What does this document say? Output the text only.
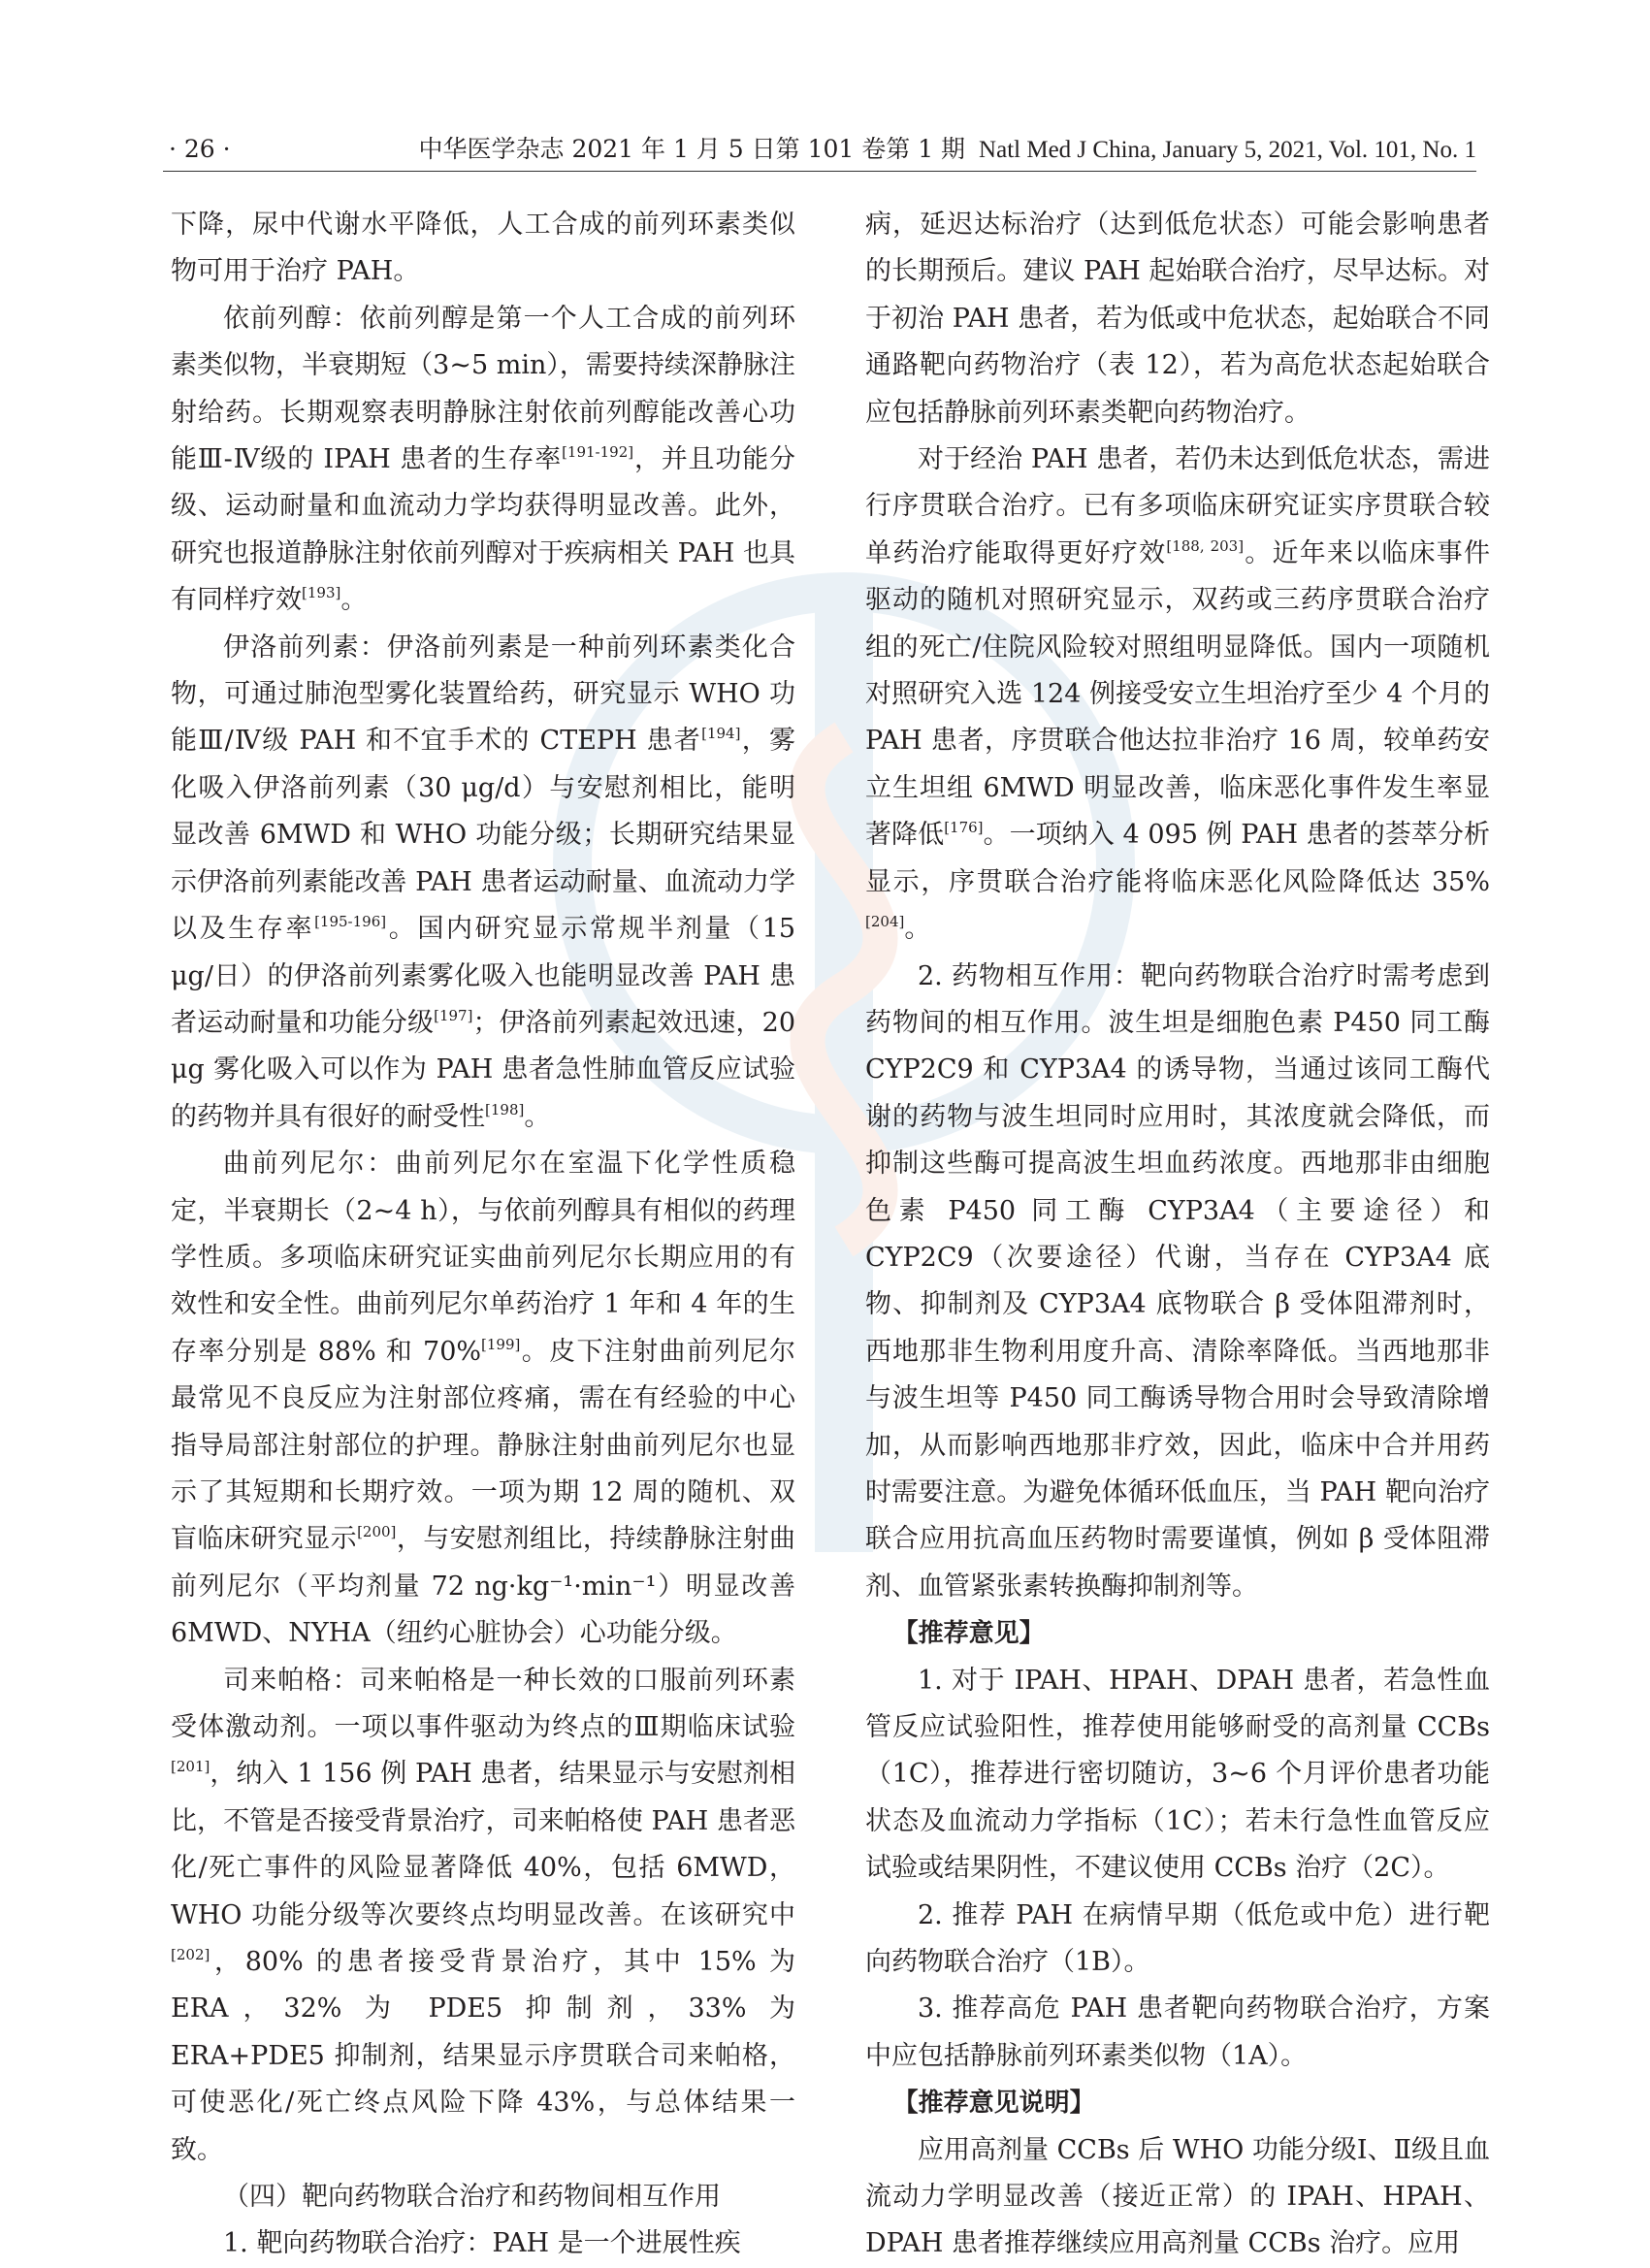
· 26 ·	中华医学杂志 2021 年 1 月 5 日第 101 卷第 1 期 Natl Med J China, January 5, 2021, Vol. 101, No. 1

下降，尿中代谢水平降低，人工合成的前列环素类似物可用于治疗 PAH。

依前列醇：依前列醇是第一个人工合成的前列环素类似物，半衰期短（3~5 min），需要持续深静脉注射给药。长期观察表明静脉注射依前列醇能改善心功能Ⅲ-Ⅳ级的 IPAH 患者的生存率[191-192]，并且功能分级、运动耐量和血流动力学均获得明显改善。此外，研究也报道静脉注射依前列醇对于疾病相关 PAH 也具有同样疗效[193]。

伊洛前列素：伊洛前列素是一种前列环素类化合物，可通过肺泡型雾化装置给药，研究显示 WHO 功能Ⅲ/Ⅳ级 PAH 和不宜手术的 CTEPH 患者[194]，雾化吸入伊洛前列素（30 μg/d）与安慰剂相比，能明显改善 6MWD 和 WHO 功能分级；长期研究结果显示伊洛前列素能改善 PAH 患者运动耐量、血流动力学以及生存率[195-196]。国内研究显示常规半剂量（15 μg/日）的伊洛前列素雾化吸入也能明显改善 PAH 患者运动耐量和功能分级[197]；伊洛前列素起效迅速，20 μg 雾化吸入可以作为 PAH 患者急性肺血管反应试验的药物并具有很好的耐受性[198]。

曲前列尼尔：曲前列尼尔在室温下化学性质稳定，半衰期长（2~4 h），与依前列醇具有相似的药理学性质。多项临床研究证实曲前列尼尔长期应用的有效性和安全性。曲前列尼尔单药治疗 1 年和 4 年的生存率分别是 88% 和 70%[199]。皮下注射曲前列尼尔最常见不良反应为注射部位疼痛，需在有经验的中心指导局部注射部位的护理。静脉注射曲前列尼尔也显示了其短期和长期疗效。一项为期 12 周的随机、双盲临床研究显示[200]，与安慰剂组比，持续静脉注射曲前列尼尔（平均剂量 72 ng·kg⁻¹·min⁻¹）明显改善 6MWD、NYHA（纽约心脏协会）心功能分级。

司来帕格：司来帕格是一种长效的口服前列环素受体激动剂。一项以事件驱动为终点的Ⅲ期临床试验[201]，纳入 1 156 例 PAH 患者，结果显示与安慰剂相比，不管是否接受背景治疗，司来帕格使 PAH 患者恶化/死亡事件的风险显著降低 40%，包括 6MWD，WHO 功能分级等次要终点均明显改善。在该研究中[202]，80% 的患者接受背景治疗，其中 15% 为 ERA，32% 为 PDE5 抑制剂，33% 为 ERA+PDE5 抑制剂，结果显示序贯联合司来帕格，可使恶化/死亡终点风险下降 43%，与总体结果一致。

（四）靶向药物联合治疗和药物间相互作用

1. 靶向药物联合治疗：PAH 是一个进展性疾

病，延迟达标治疗（达到低危状态）可能会影响患者的长期预后。建议 PAH 起始联合治疗，尽早达标。对于初治 PAH 患者，若为低或中危状态，起始联合不同通路靶向药物治疗（表 12），若为高危状态起始联合应包括静脉前列环素类靶向药物治疗。

对于经治 PAH 患者，若仍未达到低危状态，需进行序贯联合治疗。已有多项临床研究证实序贯联合较单药治疗能取得更好疗效[188, 203]。近年来以临床事件驱动的随机对照研究显示，双药或三药序贯联合治疗组的死亡/住院风险较对照组明显降低。国内一项随机对照研究入选 124 例接受安立生坦治疗至少 4 个月的 PAH 患者，序贯联合他达拉非治疗 16 周，较单药安立生坦组 6MWD 明显改善，临床恶化事件发生率显著降低[176]。一项纳入 4 095 例 PAH 患者的荟萃分析显示，序贯联合治疗能将临床恶化风险降低达 35%[204]。

2. 药物相互作用：靶向药物联合治疗时需考虑到药物间的相互作用。波生坦是细胞色素 P450 同工酶 CYP2C9 和 CYP3A4 的诱导物，当通过该同工酶代谢的药物与波生坦同时应用时，其浓度就会降低，而抑制这些酶可提高波生坦血药浓度。西地那非由细胞色素 P450 同工酶 CYP3A4（主要途径）和 CYP2C9（次要途径）代谢，当存在 CYP3A4 底物、抑制剂及 CYP3A4 底物联合 β 受体阻滞剂时，西地那非生物利用度升高、清除率降低。当西地那非与波生坦等 P450 同工酶诱导物合用时会导致清除增加，从而影响西地那非疗效，因此，临床中合并用药时需要注意。为避免体循环低血压，当 PAH 靶向治疗联合应用抗高血压药物时需要谨慎，例如 β 受体阻滞剂、血管紧张素转换酶抑制剂等。

【推荐意见】

1. 对于 IPAH、HPAH、DPAH 患者，若急性血管反应试验阳性，推荐使用能够耐受的高剂量 CCBs（1C），推荐进行密切随访，3~6 个月评价患者功能状态及血流动力学指标（1C）；若未行急性血管反应试验或结果阴性，不建议使用 CCBs 治疗（2C）。

2. 推荐 PAH 在病情早期（低危或中危）进行靶向药物联合治疗（1B）。

3. 推荐高危 PAH 患者靶向药物联合治疗，方案中应包括静脉前列环素类似物（1A）。

【推荐意见说明】

应用高剂量 CCBs 后 WHO 功能分级Ⅰ、Ⅱ级且血流动力学明显改善（接近正常）的 IPAH、HPAH、DPAH 患者推荐继续应用高剂量 CCBs 治疗。应用
